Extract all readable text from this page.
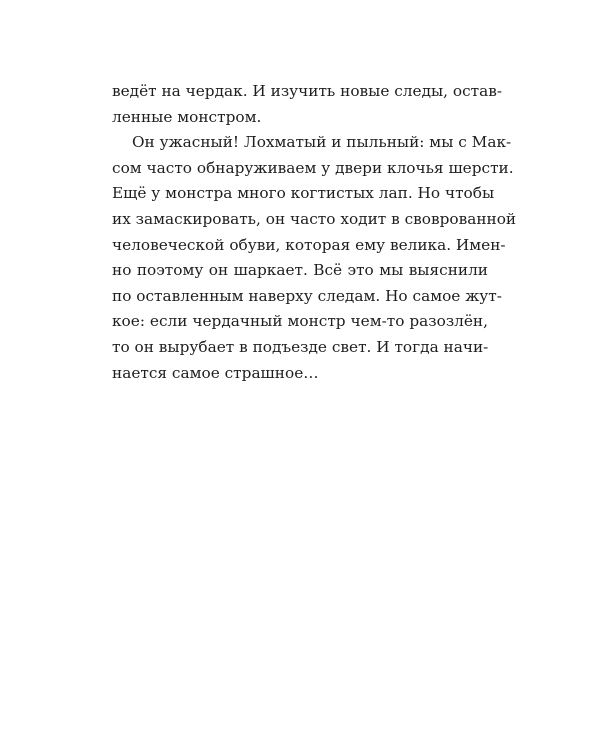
ведёт на чердак. И изучить новые следы, остав-
ленные монстром.
Он ужасный! Лохматый и пыльный: мы с Мак-
сом часто обнаруживаем у двери клочья шерсти.
Ещё у монстра много когтистых лап. Но чтобы
их замаскировать, он часто ходит в своврованной
человеческой обуви, которая ему велика. Имен-
но поэтому он шаркает. Всё это мы выяснили
по оставленным наверху следам. Но самое жут-
кое: если чердачный монстр чем-то разозлён,
то он вырубает в подъезде свет. И тогда начи-
нается самое страшное…
